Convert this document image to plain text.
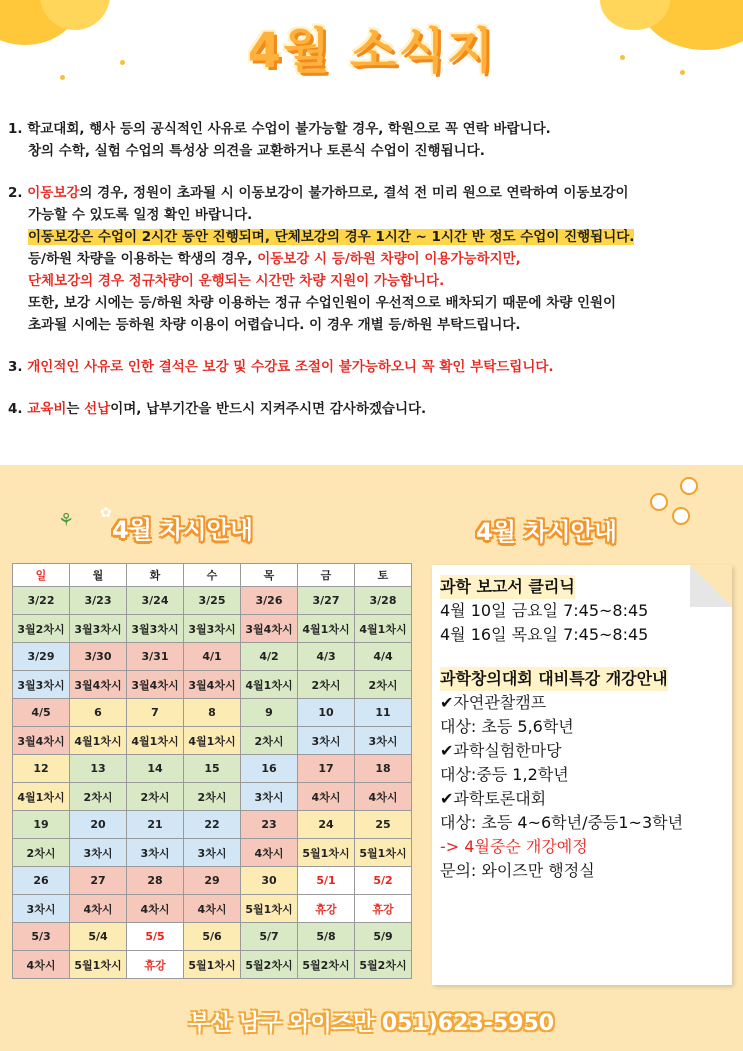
4월 소식지
1. 학교대회, 행사 등의 공식적인 사유로 수업이 불가능할 경우, 학원으로 꼭 연락 바랍니다.
창의 수학, 실험 수업의 특성상 의견을 교환하거나 토론식 수업이 진행됩니다.
2. 이동보강의 경우, 정원이 초과될 시 이동보강이 불가하므로, 결석 전 미리 원으로 연락하여 이동보강이
가능할 수 있도록 일정 확인 바랍니다.
이동보강은 수업이 2시간 동안 진행되며, 단체보강의 경우 1시간 ~ 1시간 반 정도 수업이 진행됩니다.
등/하원 차량을 이용하는 학생의 경우, 이동보강 시 등/하원 차량이 이용가능하지만,
단체보강의 경우 정규차량이 운행되는 시간만 차량 지원이 가능합니다.
또한, 보강 시에는 등/하원 차량 이용하는 정규 수업인원이 우선적으로 배차되기 때문에 차량 인원이
초과될 시에는 등하원 차량 이용이 어렵습니다. 이 경우 개별 등/하원 부탁드립니다.
3. 개인적인 사유로 인한 결석은 보강 및 수강료 조절이 불가능하오니 꼭 확인 부탁드립니다.
4. 교육비는 선납이며, 납부기간을 반드시 지켜주시면 감사하겠습니다.
⚘ ✿
4월 차시안내	4월 차시안내
일	월	화	수	목	금	토
3/22	3/23	3/24	3/25	3/26	3/27	3/28
3월2차시	3월3차시	3월3차시	3월3차시	3월4차시	4월1차시	4월1차시
3/29	3/30	3/31	4/1	4/2	4/3	4/4
3월3차시	3월4차시	3월4차시	3월4차시	4월1차시	2차시	2차시
4/5	6	7	8	9	10	11
3월4차시	4월1차시	4월1차시	4월1차시	2차시	3차시	3차시
12	13	14	15	16	17	18
4월1차시	2차시	2차시	2차시	3차시	4차시	4차시
19	20	21	22	23	24	25
2차시	3차시	3차시	3차시	4차시	5월1차시	5월1차시
26	27	28	29	30	5/1	5/2
3차시	4차시	4차시	4차시	5월1차시	휴강	휴강
5/3	5/4	5/5	5/6	5/7	5/8	5/9
4차시	5월1차시	휴강	5월1차시	5월2차시	5월2차시	5월2차시
과학 보고서 클리닉
4월 10일 금요일 7:45~8:45
4월 16일 목요일 7:45~8:45
과학창의대회 대비특강 개강안내
✔자연관찰캠프
대상: 초등 5,6학년
✔과학실험한마당
대상:중등 1,2학년
✔과학토론대회
대상: 초등 4~6학년/중등1~3학년
-> 4월중순 개강예정
문의: 와이즈만 행정실
부산 남구 와이즈만 051)623-5950
